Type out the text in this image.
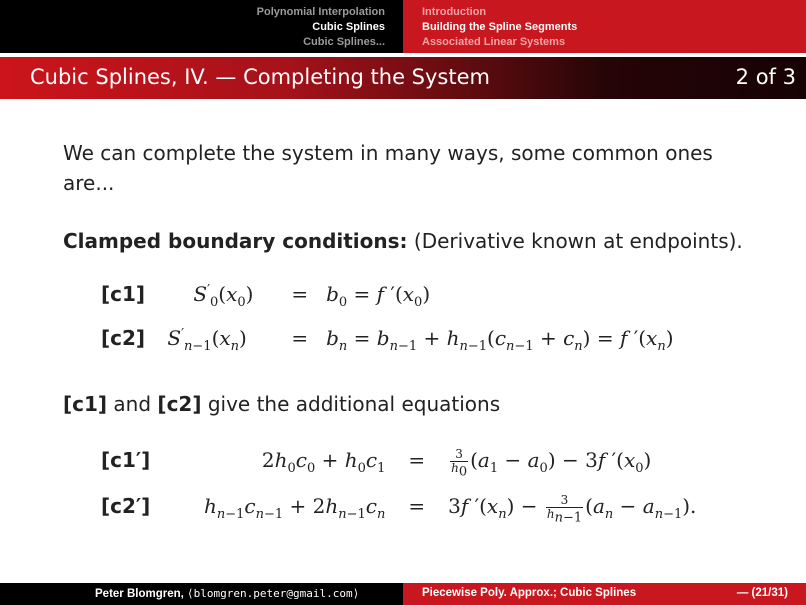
Polynomial Interpolation
Cubic Splines
Cubic Splines...
Introduction
Building the Spline Segments
Associated Linear Systems
Cubic Splines, IV. — Completing the System	2 of 3

We can complete the system in many ways, some common ones are...

Clamped boundary conditions: (Derivative known at endpoints).
[c1] $S'_0(x_0) = b_0 = f$ $'(x_0)$
[c2] $S'_{n-1}(x_n) = b_n = b_{n-1} + h_{n-1}(c_{n-1} + c_n) = f$ $'(x_n)$
[c1] and [c2] give the additional equations
[c1′]	$2h_0c_0 + h_0c_1 = \frac{3}{h_0} (a_1 - a_0) - 3f$ $'(x_0)$
[c2′]	$h_{n-1}c_{n-1} + 2h_{n-1}c_n = 3f$ $'(x_n) - \frac{3}{h_{n-1}} (a_n - a_{n-1})$.
Peter Blomgren, ⟨blomgren.peter@gmail.com⟩	Piecewise Poly. Approx.; Cubic Splines	— (21/31)
